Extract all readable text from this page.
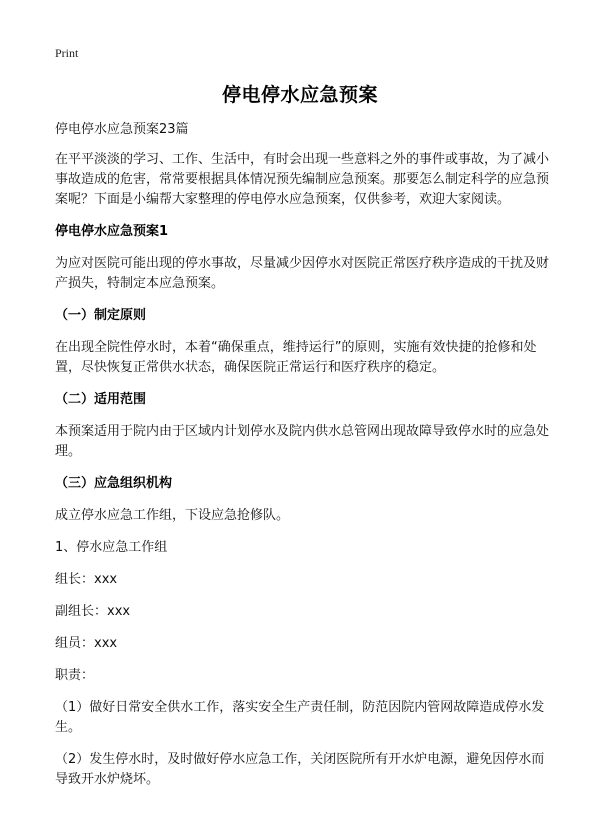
Print
停电停水应急预案

停电停水应急预案23篇

在平平淡淡的学习、工作、生活中，有时会出现一些意料之外的事件或事故，为了减小事故造成的危害，常常要根据具体情况预先编制应急预案。那要怎么制定科学的应急预案呢？下面是小编帮大家整理的停电停水应急预案，仅供参考，欢迎大家阅读。

停电停水应急预案1

为应对医院可能出现的停水事故，尽量减少因停水对医院正常医疗秩序造成的干扰及财产损失，特制定本应急预案。

（一）制定原则

在出现全院性停水时，本着“确保重点，维持运行”的原则，实施有效快捷的抢修和处置，尽快恢复正常供水状态，确保医院正常运行和医疗秩序的稳定。

（二）适用范围

本预案适用于院内由于区域内计划停水及院内供水总管网出现故障导致停水时的应急处理。

（三）应急组织机构

成立停水应急工作组，下设应急抢修队。

1、停水应急工作组

组长：xxx

副组长：xxx

组员：xxx

职责：

（1）做好日常安全供水工作，落实安全生产责任制，防范因院内管网故障造成停水发生。

（2）发生停水时，及时做好停水应急工作，关闭医院所有开水炉电源，避免因停水而导致开水炉烧坏。
